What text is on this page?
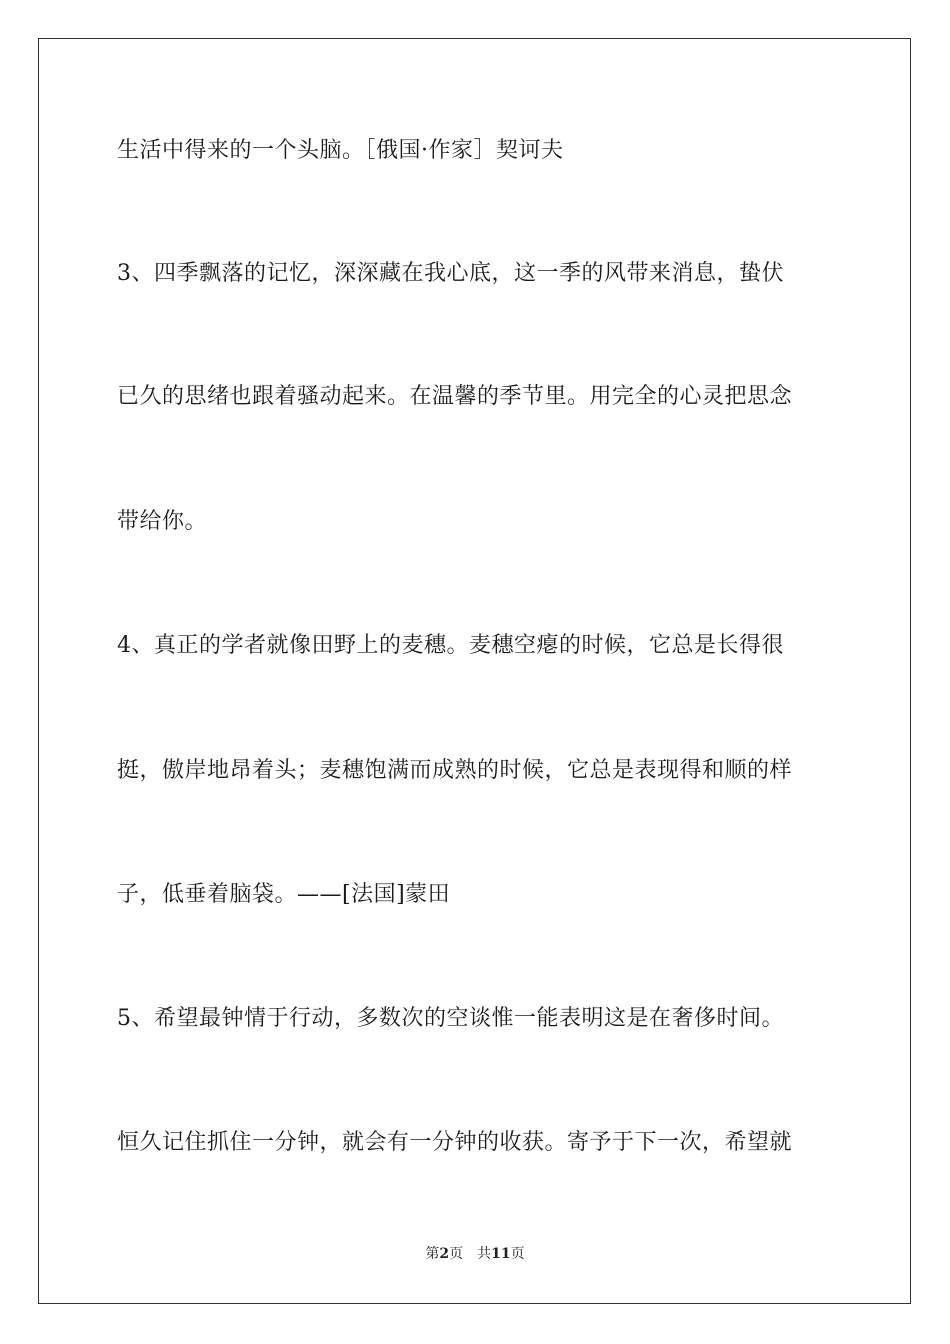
生活中得来的一个头脑。［俄国·作家］契诃夫
3、四季飘落的记忆，深深藏在我心底，这一季的风带来消息，蛰伏
已久的思绪也跟着骚动起来。在温馨的季节里。用完全的心灵把思念
带给你。
4、真正的学者就像田野上的麦穗。麦穗空瘪的时候，它总是长得很
挺，傲岸地昂着头；麦穗饱满而成熟的时候，它总是表现得和顺的样
子，低垂着脑袋。——[法国]蒙田
5、希望最钟情于行动，多数次的空谈惟一能表明这是在奢侈时间。
恒久记住抓住一分钟，就会有一分钟的收获。寄予于下一次，希望就
第2页 共11页
